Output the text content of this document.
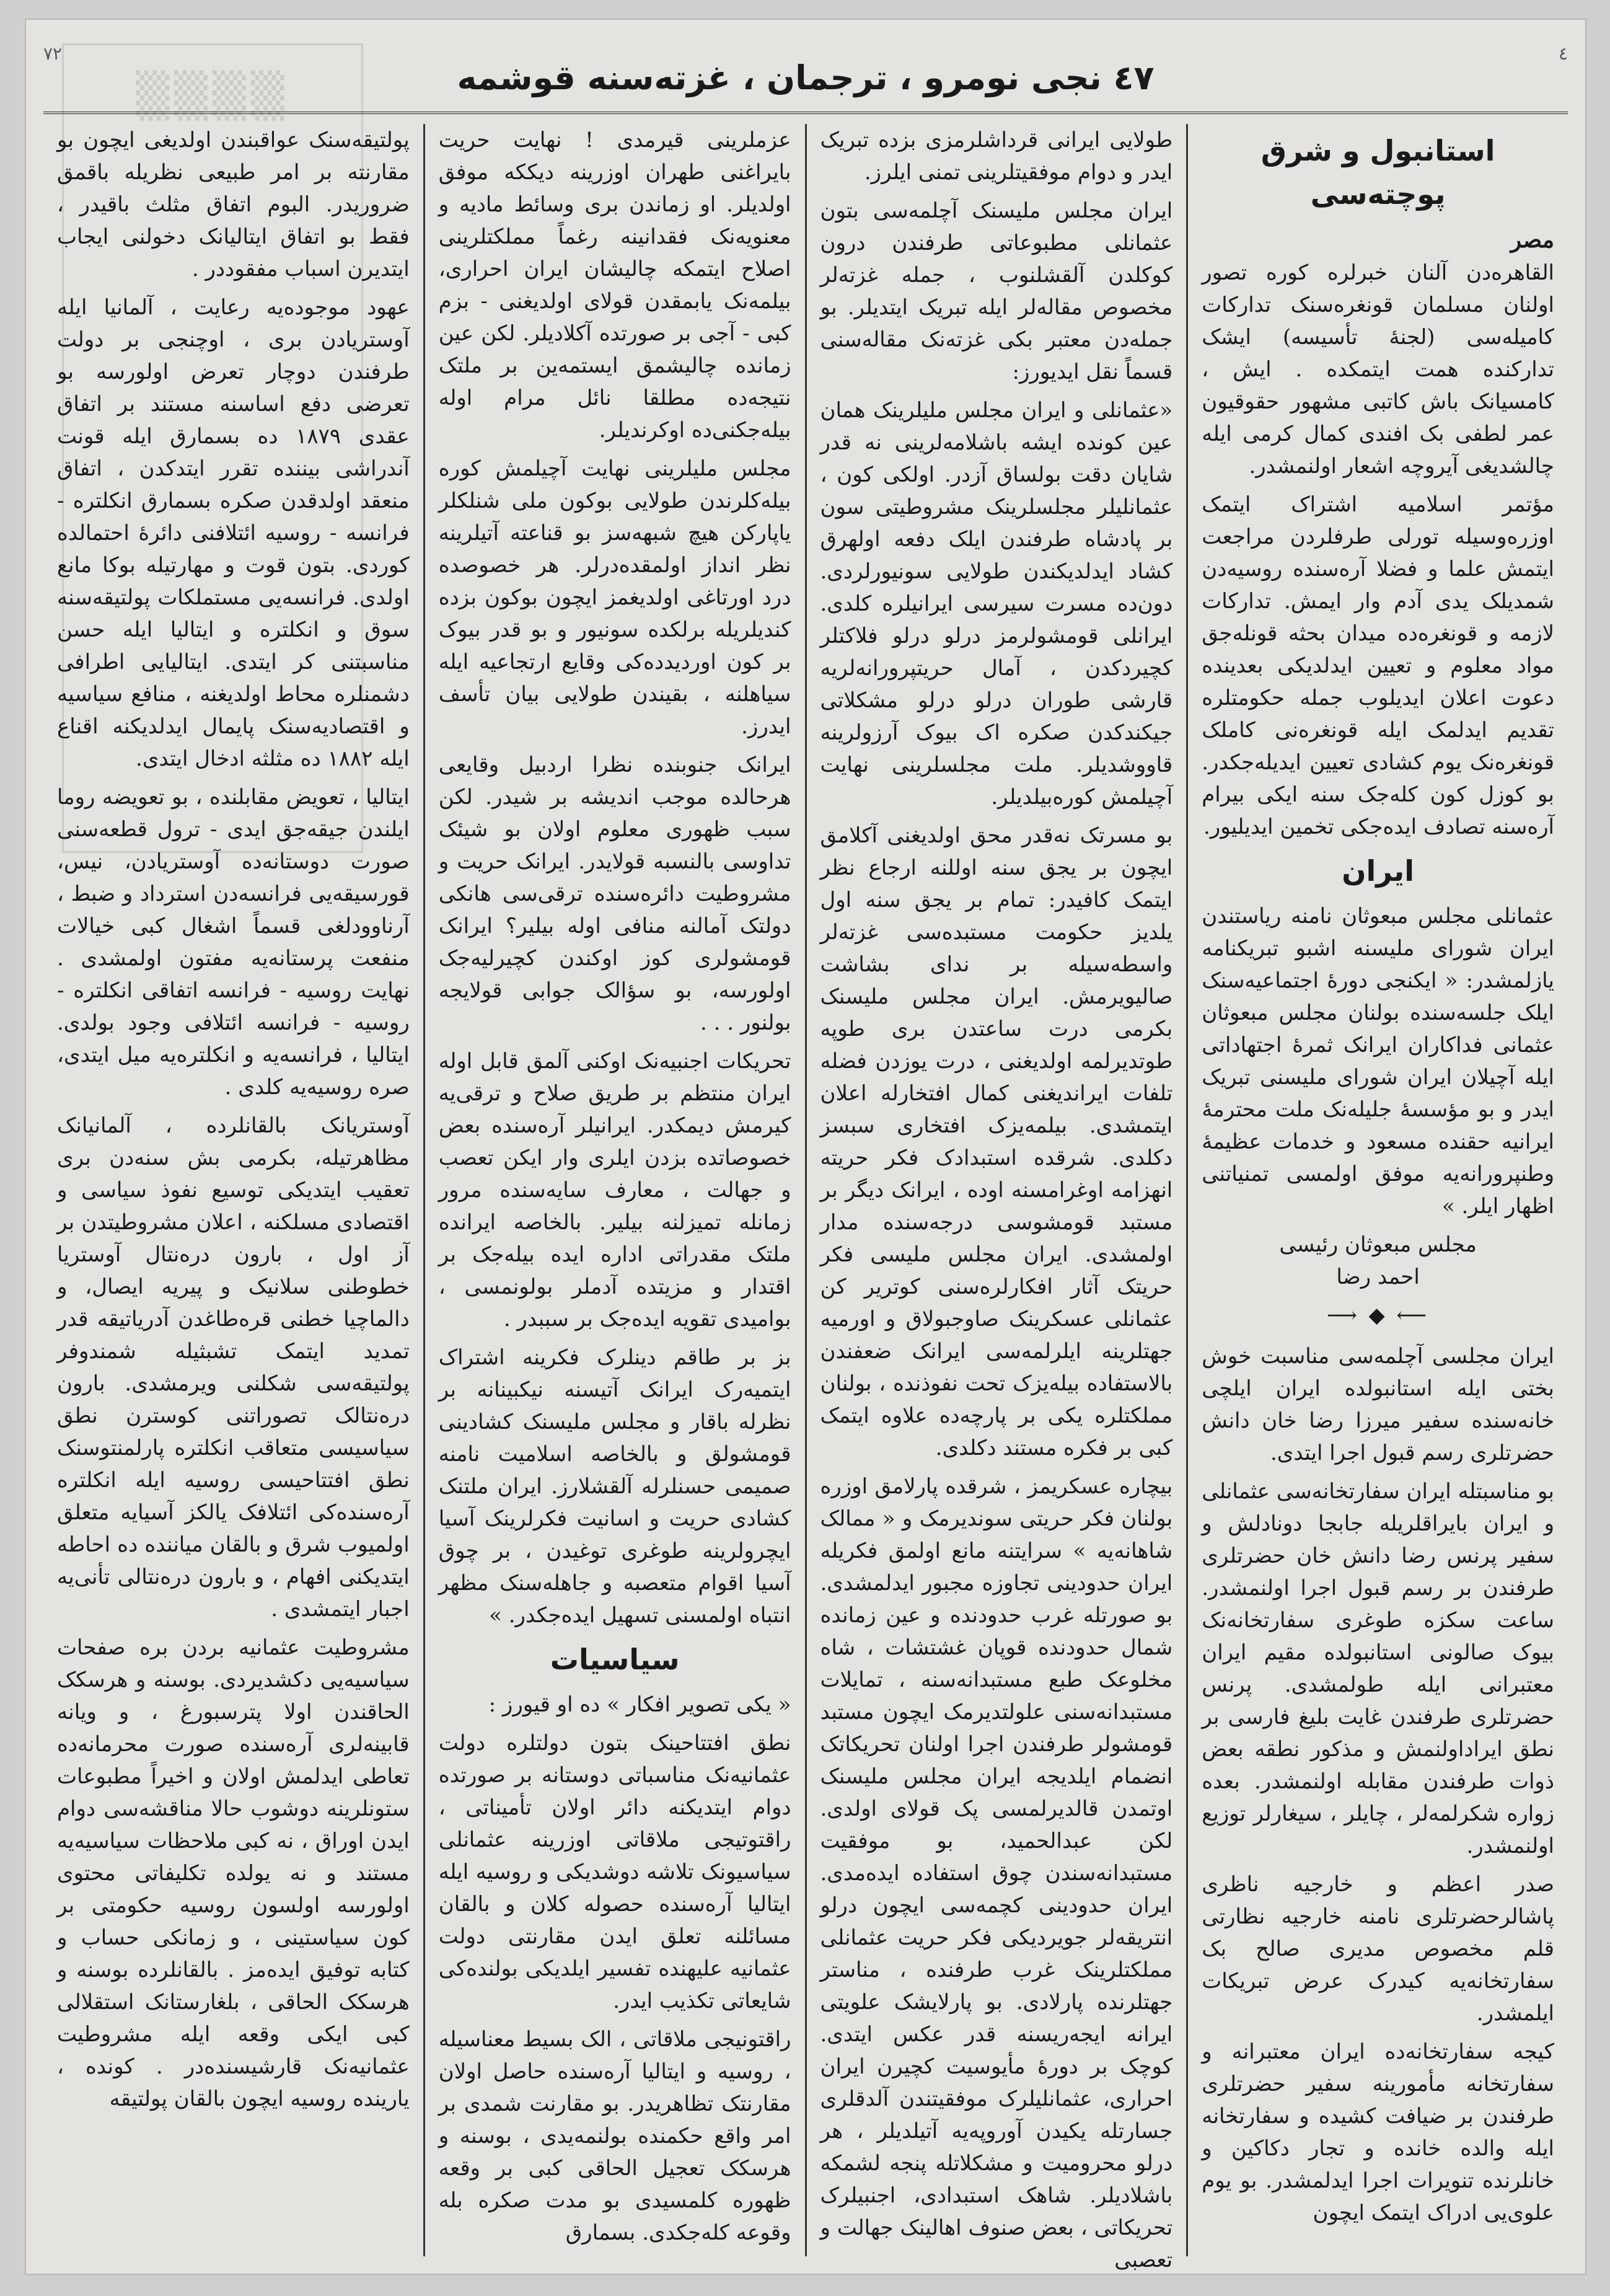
▒▒▒▒
٧٢
٤٧ نجی نومرو ، ترجمان ، غزته‌سنه قوشمه
٤
استانبول و شرق پوچته‌سی
مصر

القاهره‌دن آلنان خبرلره کوره تصور اولنان مسلمان قونغره‌سنک تدارکات کامیله‌سی (لجنهٔ تأسیسه) ایشک تدارکنده همت ایتمکده . ایش ، کامسیانک باش کاتبی مشهور حقوقیون عمر لطفی بک افندی کمال کرمی ایله چالشدیغی آیروچه اشعار اولنمشدر.

مؤتمر اسلامیه اشتراک ایتمک اوزره‌وسیله تورلی طرفلردن مراجعت ایتمش علما و فضلا آره‌سنده روسیه‌دن شمدیلک یدی آدم وار ایمش. تدارکات لازمه و قونغره‌ده میدان بحثه قونله‌جق مواد معلوم و تعیین ایدلدیکی بعدینده دعوت اعلان ایدیلوب جمله حکومتلره تقدیم ایدلمک ایله قونغره‌نی کاملک قونغره‌نک یوم کشادی تعیین ایدیله‌جکدر. بو کوزل کون کله‌جک سنه ایکی بیرام آره‌سنه تصادف ایده‌جکی تخمین ایدیلیور.

ایران

عثمانلی مجلس مبعوثان نامنه ریاستندن ایران شورای ملیسنه اشبو تبریکنامه یازلمشدر: « ایکنجی دورهٔ اجتماعیه‌سنک ایلک جلسه‌سنده بولنان مجلس مبعوثان عثمانی فداکاران ایرانک ثمرهٔ اجتهاداتی ایله آچیلان ایران شورای ملیسنی تبریک ایدر و بو مؤسسهٔ جلیله‌نک ملت محترمهٔ ایرانیه حقنده مسعود و خدمات عظیمهٔ وطنپرورانه‌یه موفق اولمسی تمنیاتنی اظهار ایلر. »

مجلس مبعوثان رئیسی
احمد رضا
⟵ ◆ ⟶

ایران مجلسی آچلمه‌سی مناسبت خوش بختی ایله استانبولده ایران ایلچی خانه‌سنده سفیر میرزا رضا خان دانش حضرتلری رسم قبول اجرا ایتدی.

بو مناسبتله ایران سفارتخانه‌سی عثمانلی و ایران بایراقلریله جابجا دونادلش و سفیر پرنس رضا دانش خان حضرتلری طرفندن بر رسم قبول اجرا اولنمشدر. ساعت سکزه طوغری سفارتخانه‌نک بیوک صالونی استانبولده مقیم ایران معتبرانی ایله طولمشدی. پرنس حضرتلری طرفندن غایت بلیغ فارسی بر نطق ایراداولنمش و مذکور نطقه بعض ذوات طرفندن مقابله اولنمشدر. بعده زواره شکرلمه‌لر ، چایلر ، سیغارلر توزیع اولنمشدر.

صدر اعظم و خارجیه ناظری پاشالرحضرتلری نامنه خارجیه نظارتی قلم مخصوص مدیری صالح بک سفارتخانه‌یه کیدرک عرض تبریکات ایلمشدر.

کیجه سفارتخانه‌ده ایران معتبرانه و سفارتخانه مأمورینه‌ سفیر حضرتلری طرفندن بر ضیافت کشیده و سفارتخانه ایله والده خانده و تجار دکاکین و خانلرنده تنویرات اجرا ایدلمشدر. بو یوم علوی‌یی ادراک ایتمک ایچون

طولایی ایرانی قرداشلرمزی بزده تبریک ایدر و دوام موفقیتلرینی تمنی ایلرز.

ایران مجلس ملیسنک آچلمه‌سی بتون عثمانلی مطبوعاتی طرفندن درون کوکلدن آلقشلنوب ، جمله غزته‌لر مخصوص مقاله‌لر ایله تبریک ایتدیلر. بو جمله‌دن معتبر بکی غزته‌نک مقاله‌سنی قسماً نقل ایدیورز:

«عثمانلی و ایران مجلس ملیلرینک همان عین کونده ایشه باشلامه‌لرینی نه قدر شایان دقت بولساق آزدر. اولکی کون ، عثمانلیلر مجلسلرینک مشروطیتی سون بر پادشاه طرفندن ایلک دفعه اولهرق کشاد ایدلدیکندن طولایی سونیورلردی. دون‌ده مسرت سیرسی ایرانیلره کلدی. ایرانلی قومشولرمز درلو درلو فلاکتلر کچیردکدن ، آمال حریتپرورانه‌لریه قارشی طوران درلو درلو مشکلاتی جیکندکدن صکره اک بیوک آرزولرینه قاووشدیلر. ملت مجلسلرینی نهایت آچیلمش کوره‌بیلدیلر.

بو مسرتک نه‌قدر محق اولدیغنی آکلامق ایچون بر یجق سنه اوللنه ارجاع نظر ایتمک کافیدر: تمام بر یجق سنه اول یلدیز حکومت مستبده‌سی غزته‌لر واسطه‌سیله بر ندای بشاشت صالیویرمش. ایران مجلس ملیسنک بکرمی درت ساعتدن بری طوپه طوتدیرلمه اولدیغنی ، درت یوزدن فضله تلفات ایراندیغنی کمال افتخارله اعلان ایتمشدی. بیلمه‌یزک افتخاری سبسز دکلدی. شرقده استبدادک فکر حریته انهزامه اوغرامسنه اوده ، ایرانک دیگر بر مستبد قومشوسی درجه‌سنده مدار اولمشدی. ایران مجلس ملیسی فکر حریتک آثار افکارلره‌سنی کوتریر کن عثمانلی عسکرینک صاوجبولاق و اورمیه جهتلرینه ایلرلمه‌سی ایرانک ضعفندن بالاستفاده بیله‌یزک تحت نفوذنده‌ ، بولنان مملکتلره یکی بر پارچه‌ده علاوه ایتمک کبی بر فکره مستند دکلدی.

بیچاره عسکریمز ، شرقده پارلامق اوزره بولنان فکر حریتی سوندیرمک و « ممالک شاهانه‌یه » سرایتنه مانع اولمق فکریله ایران حدودینی تجاوزه مجبور ایدلمشدی. بو صورتله غرب حدودنده و عین زمانده شمال حدودنده قوپان غشتشات ، شاه مخلوعک طبع مستبدانه‌سنه ، تمایلات مستبدانه‌سنی علولتدیرمک ایچون مستبد قومشولر طرفندن اجرا اولنان تحریکاتک انضمام ایلدیجه ایران مجلس ملیسنک اوتمدن قالدیرلمسی پک قولای اولدی. لکن عبدالحمید، بو موفقیت مستبدانه‌سندن چوق استفاده ایده‌مدی. ایران حدودینی کچمه‌سی ایچون درلو انتریقه‌لر جویردیکی فکر حریت عثمانلی مملکتلرینک غرب طرفنده ، مناستر جهتلرنده پارلادی. بو پارلایشک علویتی ایرانه ایجه‌ریسنه قدر عکس ایتدی. کوچک بر دورهٔ مأیوسیت کچیرن ایران احراری، عثمانلیلرک موفقیتندن آلدقلری جسارتله یکیدن آوروپه‌یه آتیلدیلر ، هر درلو محرومیت و مشکلاتله پنجه لشمکه باشلادیلر. شاهک استبدادی، اجنبیلرک تحریکاتی ، بعض صنوف اهالینک جهالت و تعصبی

عزملرینی قیرمدی ! نهایت حریت بایراغنی طهران اوزرینه دیککه موفق اولدیلر. او زماندن بری وسائط مادیه و معنویه‌نک فقدانینه رغماً مملکتلرینی اصلاح ایتمکه چالیشان ایران احراری، بیلمه‌نک یابمقدن قولای اولدیغنی - بزم کبی - آجی بر صورتده آکلادیلر. لکن عین زمانده چالیشمق ایستمه‌ین بر ملتک نتیجه‌ده مطلقا نائل مرام اوله بیله‌جکنی‌ده اوکرندیلر.

مجلس ملیلرینی نهایت آچیلمش کوره بیله‌کلرندن طولایی بوکون ملی شنلکلر یاپارکن هیچ شبهه‌سز بو قناعته آتیلرینه نظر انداز اولمقده‌درلر. هر خصوصده درد اورتاغی اولدیغمز ایچون بوکون بزده کندیلریله برلکده سونیور و بو قدر بیوک بر کون اوردیدده‌کی وقایع ارتجاعیه ایله سیاهلنه‌ ، بقیندن طولایی بیان تأسف ایدرز.

ایرانک جنوبنده نظرا اردبیل وقایعی هرحالده موجب اندیشه بر شیدر. لکن سبب ظهوری معلوم اولان بو شیئک تداوسی بالنسبه قولایدر. ایرانک حریت و مشروطیت دائره‌سنده ترقی‌سی هانکی دولتک آمالنه منافی اوله بیلیر؟ ایرانک قومشولری کوز اوکندن کچیرلیه‌جک اولورسه، بو سؤالک جوابی قولایجه بولنور . . .

تحریکات اجنبیه‌نک اوکنی آلمق قابل اوله‌ ایران منتظم بر طریق صلاح و ترقی‌یه کیرمش دیمکدر. ایرانیلر آره‌سنده بعض خصوصاتده بزدن ایلری وار ایکن تعصب و جهالت ، معارف سایه‌سنده مرور زمانله تمیزلنه بیلیر. بالخاصه ایرانده ملتک مقدراتی اداره ایده بیله‌جک بر اقتدار و مزیتده آدملر بولونمسی ، بوامیدی تقویه ایده‌جک بر سببدر .

بز بر طاقم‌ دینلرک فکرینه اشتراک ایتمیه‌رک ایرانک آتیسنه نیکبینانه بر نظرله باقار و مجلس ملیسنک کشادینی قومشولق و بالخاصه اسلامیت نامنه صمیمی حسنلرله آلقشلارز. ایران ملتنک کشادی حریت و اسانیت فکرلرینک آسیا ایچرولرینه طوغری توغیدن ، بر چوق آسیا اقوام متعصبه و جاهله‌سنک مظهر انتباه اولمسنی تسهیل ایده‌جکدر. »

سیاسیات

« یکی تصویر افکار » ده او قیورز :

نطق افتتاحینک بتون دولتلره دولت عثمانیه‌نک مناسباتی دوستانه بر صورتده دوام ایتدیکنه دائر اولان تأمیناتی ، راقتوتیجی ملاقاتی اوزرینه عثمانلی سیاسیونک تلاشه دوشدیکی و روسیه ایله ایتالیا آره‌سنده حصوله کلان و بالقان مسائلنه تعلق ایدن مقارنتی دولت عثمانیه علیهنده تفسیر ایلدیکی بولنده‌کی شایعاتی تکذیب ایدر.

راقتونیجی ملاقاتی ، الک بسیط معناسیله ، روسیه و ایتالیا آره‌سنده حاصل اولان مقارنتک تظاهریدر. بو مقارنت شمدی بر امر واقع حکمنده بولنمه‌یدی ، بوسنه و هرسکک تعجیل الحاقی کبی بر وقعه ظهوره کلمسیدی بو مدت صکره بله وقوعه کله‌جکدی. بسمارق

پولتیقه‌سنک عواقبندن اولدیغی ایچون بو مقارنته بر امر طبیعی نظریله باقمق ضروریدر. البوم اتفاق مثلث باقیدر ، فقط بو اتفاق ایتالیانک دخولنی ایجاب ایتدیرن اسباب مفقوددر .

عهود موجوده‌یه رعایت ، آلمانیا ایله آوستریادن بری ، اوچنجی بر دولت طرفندن دوچار تعرض اولورسه بو تعرضی دفع اساسنه مستند بر اتفاق عقدی ۱۸۷۹ ده بسمارق ایله قونت آندراشی بیننده تقرر ایتدکدن ، اتفاق منعقد اولدقدن صکره بسمارق انکلتره - فرانسه - روسیه ائتلافنی دائرهٔ احتمالده کوردی. بتون قوت و مهارتیله بوکا مانع اولدی. فرانسه‌یی مستملکات پولتیقه‌سنه سوق و انکلتره و ایتالیا ایله حسن مناسبتنی کر ایتدی. ایتالیایی اطرافی دشمنلره محاط اولدیغنه ، منافع سیاسیه و اقتصادیه‌سنک پایمال ایدلدیکنه اقناع ایله ۱۸۸۲ ده مثلثه ادخال ایتدی.

ایتالیا ، تعویض مقابلنده ، بو تعویضه روما ایلندن جیقه‌جق ایدی - ترول قطعه‌سنی صورت دوستانه‌ده آوستریادن، نیس، قورسیقه‌یی فرانسه‌دن استرداد و ضبط ، آرناوودلغی قسماً اشغال کبی خیالات منفعت پرستانه‌یه مفتون اولمشدی . نهایت روسیه - فرانسه اتفاقی انکلتره - روسیه - فرانسه ائتلافی وجود بولدی. ایتالیا ، فرانسه‌یه و انکلتره‌یه میل ایتدی، صره روسیه‌یه کلدی .

آوستریانک بالقانلرده ، آلمانیانک مظاهرتیله، بکرمی بش سنه‌دن بری تعقیب ایتدیکی توسیع نفوذ سیاسی و اقتصادی مسلکنه ، اعلان مشروطیتدن بر آز اول ، بارون دره‌نتال آوستریا خطوطنی سلانیک و پیریه ایصال، و دالماچیا خطنی قره‌طاغدن آدریاتیقه قدر تمدید ایتمک تشبثیله شمندوفر پولتیقه‌سی شکلنی ویرمشدی. بارون دره‌نتالک تصوراتنی کوسترن نطق سیاسیسی متعاقب انکلتره پارلمنتوسنک نطق افتتاحیسی روسیه ایله انکلتره آره‌سنده‌کی ائتلافک یالکز آسیایه متعلق اولمیوب شرق و بالقان میاننده ده احاطه ایتدیکنی افهام ، و بارون دره‌نتالی تأنی‌یه اجبار ایتمشدی .

مشروطیت عثمانیه بردن بره صفحات سیاسیه‌یی دکشدیردی. بوسنه و هرسکک الحاقندن اولا پترسبورغ ، و ویانه قابینه‌لری آره‌سنده صورت محرمانه‌ده تعاطی ایدلمش اولان و اخیراً مطبوعات ستونلرینه دوشوب حالا مناقشه‌سی دوام ایدن اوراق ، نه کبی ملاحظات سیاسیه‌یه مستند و نه یولده تکلیفاتی محتوی اولورسه اولسون روسیه حکومتی بر کون سیاستینی ، و زمانکی حساب و کتابه توفیق ایده‌مز . بالقانلرده بوسنه و هرسکک الحاقی ، بلغارستانک استقلالی کبی ایکی وقعه ایله مشروطیت عثمانیه‌نک قارشیسنده‌در . کونده ، یارینده روسیه ایچون بالقان پولتیقه
